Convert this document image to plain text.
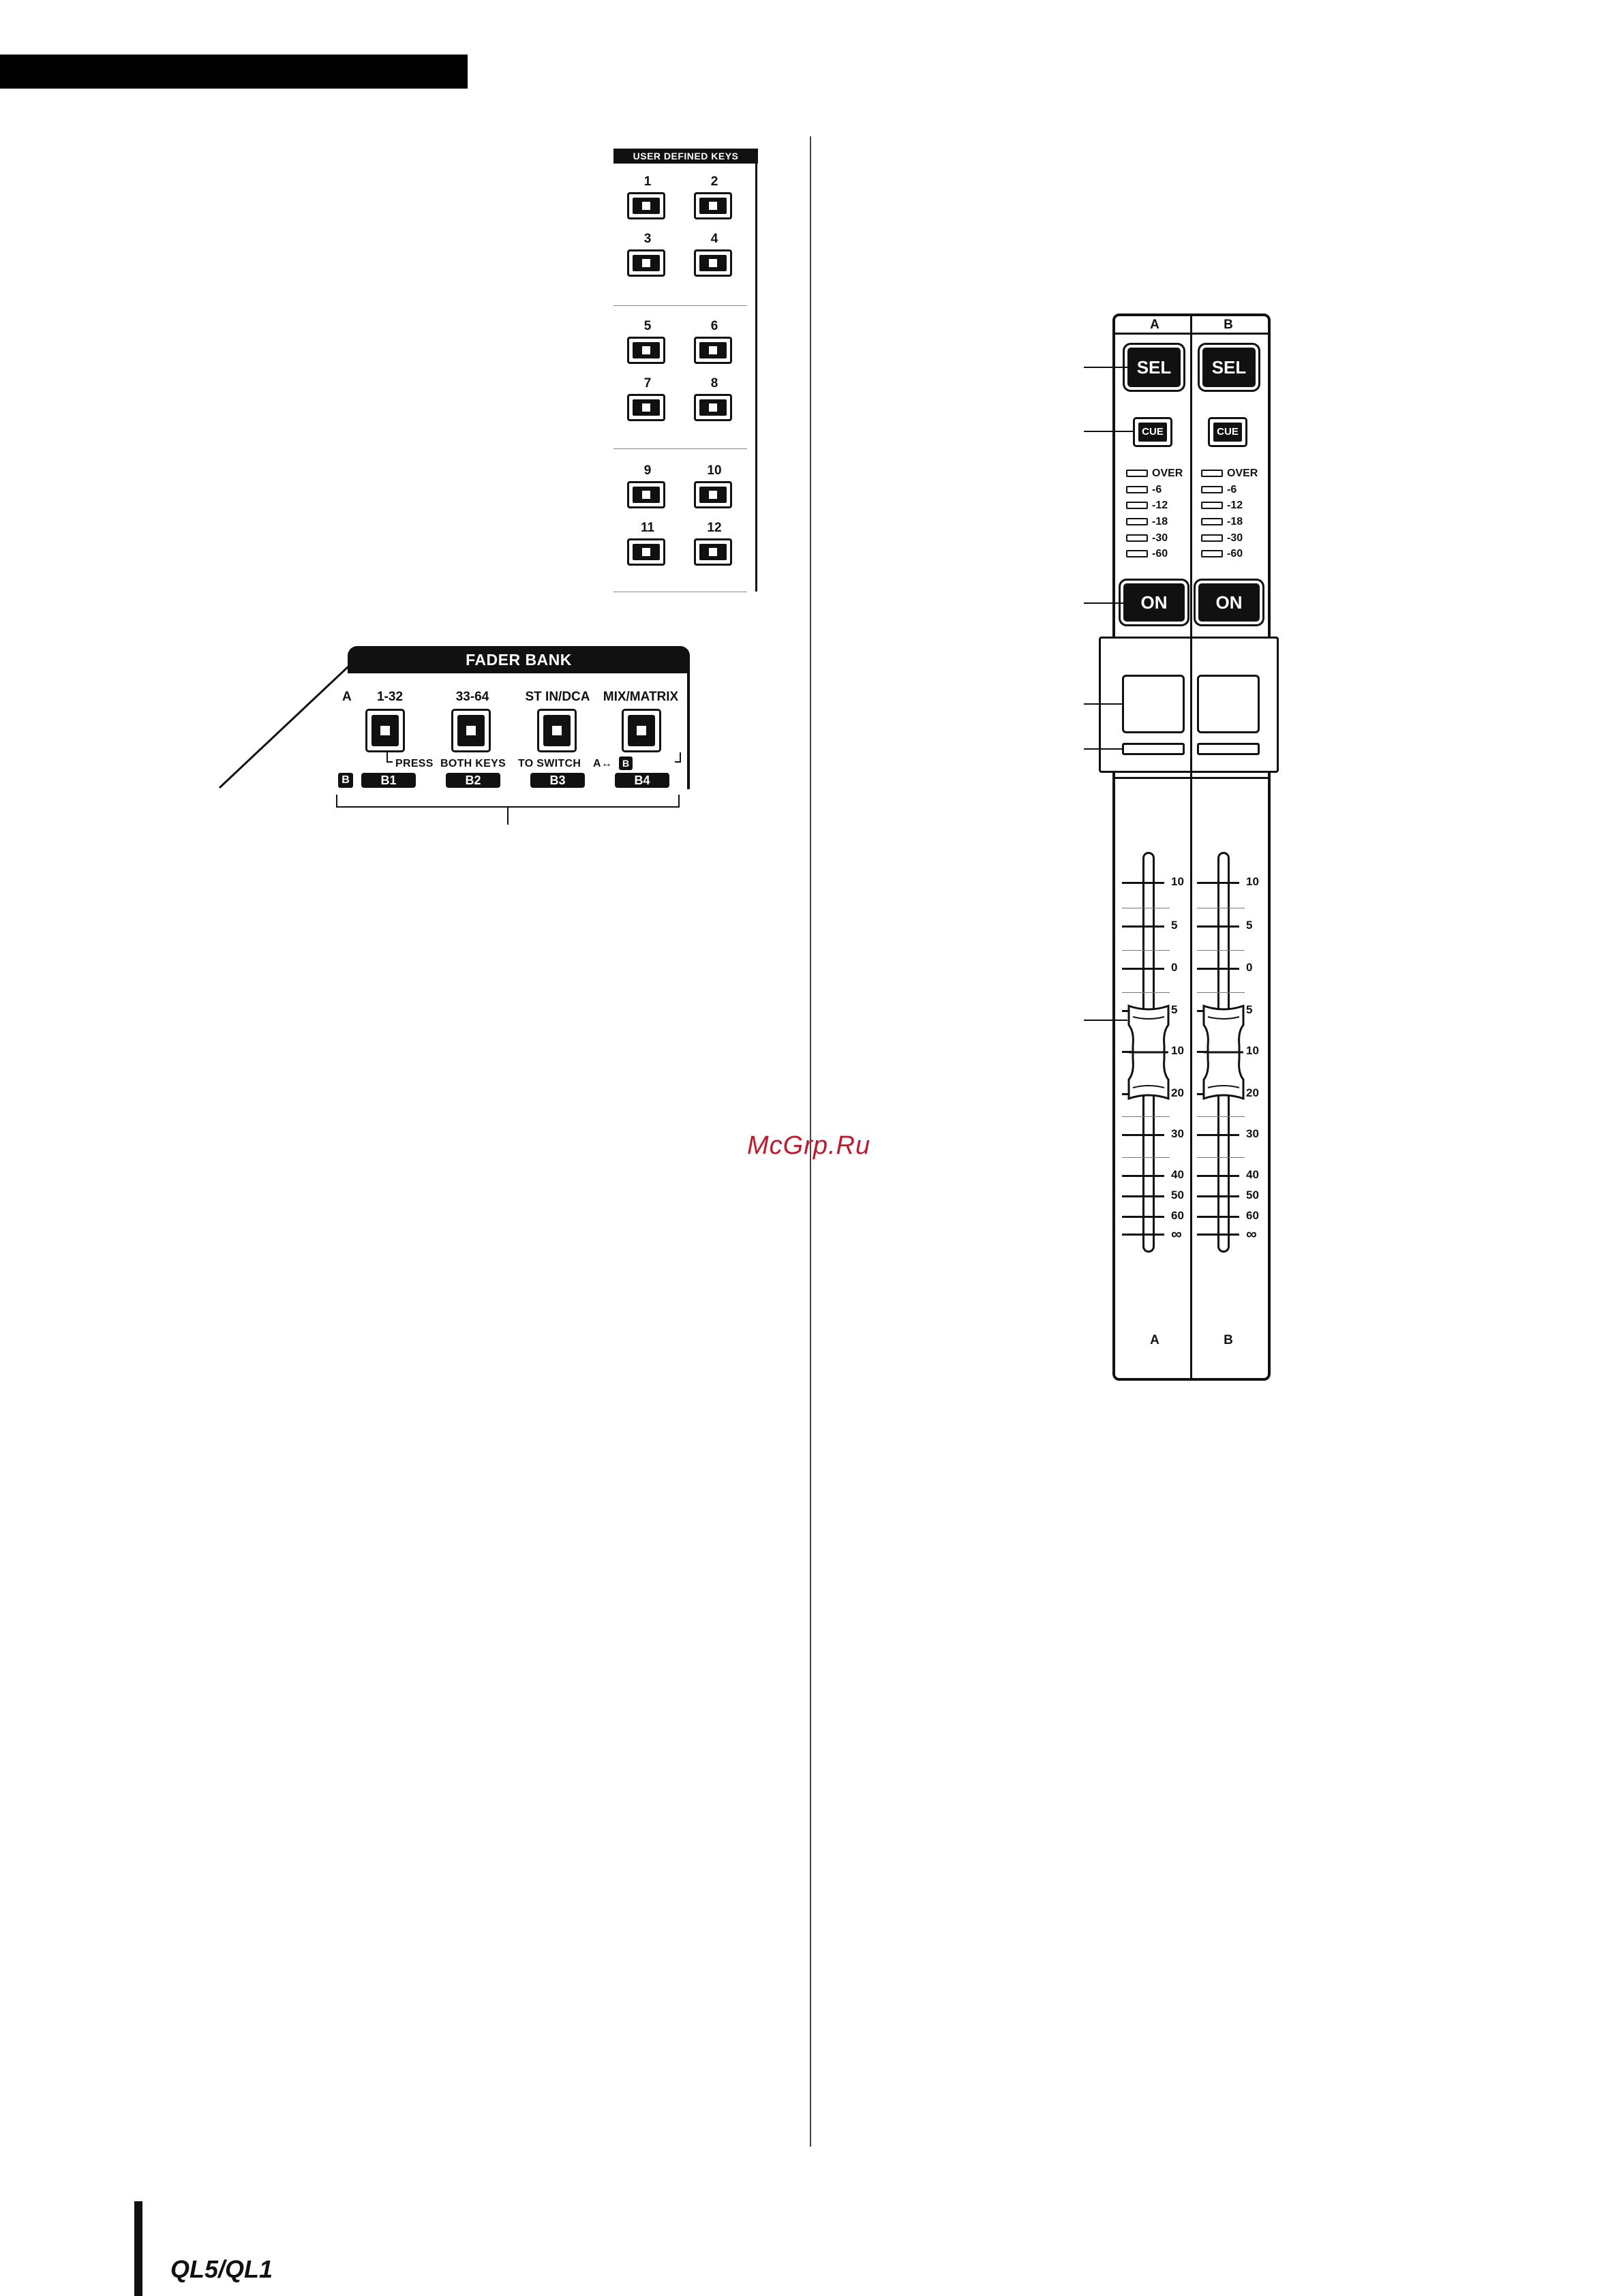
USER DEFINED KEYS
1	2
3	4
5	6
7	8
9	10
11	12
FADER BANK
A	1-32	33-64	ST IN/DCA	MIX/MATRIX
PRESS BOTH KEYS TO SWITCH A↔	B
B	B1	B2	B3	B4
A	B
SEL	SEL
CUE	CUE
OVER
-6
-12
-18
-30
-60
OVER
-6
-12
-18
-30
-60
ON	ON
10
5
0
5
10
20
30
40
50
60
∞
10
5
0
5
10
20
30
40
50
60
∞
A	B
McGrp.Ru
QL5/QL1
